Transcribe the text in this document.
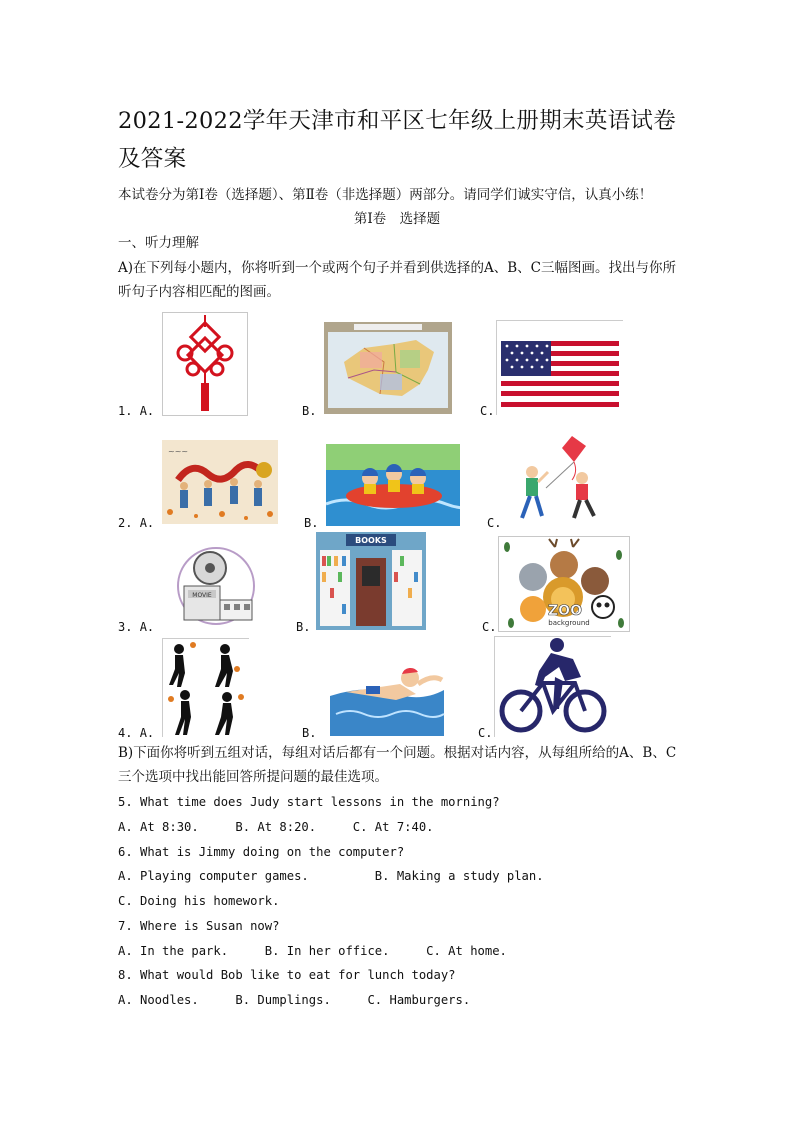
2021-2022学年天津市和平区七年级上册期末英语试卷及答案
本试卷分为第Ⅰ卷（选择题）、第Ⅱ卷（非选择题）两部分。请同学们诚实守信，认真小练！
第Ⅰ卷　选择题
一、听力理解
A)在下列每小题内，你将听到一个或两个句子并看到供选择的A、B、C三幅图画。找出与你所听句子内容相匹配的图画。
1. A.	B.	C.
2. A.
~~~
B.	C.
3. A.
MOVIE
B.
BOOKS
C.
ZOO
background
4. A.	B.	C.
B)下面你将听到五组对话，每组对话后都有一个问题。根据对话内容，从每组所给的A、B、C三个选项中找出能回答所提问题的最佳选项。
5. What time does Judy start lessons in the morning?
A. At 8:30.     B. At 8:20.     C. At 7:40.
6. What is Jimmy doing on the computer?
A. Playing computer games.         B. Making a study plan.
C. Doing his homework.
7. Where is Susan now?
A. In the park.     B. In her office.     C. At home.
8. What would Bob like to eat for lunch today?
A. Noodles.     B. Dumplings.     C. Hamburgers.
